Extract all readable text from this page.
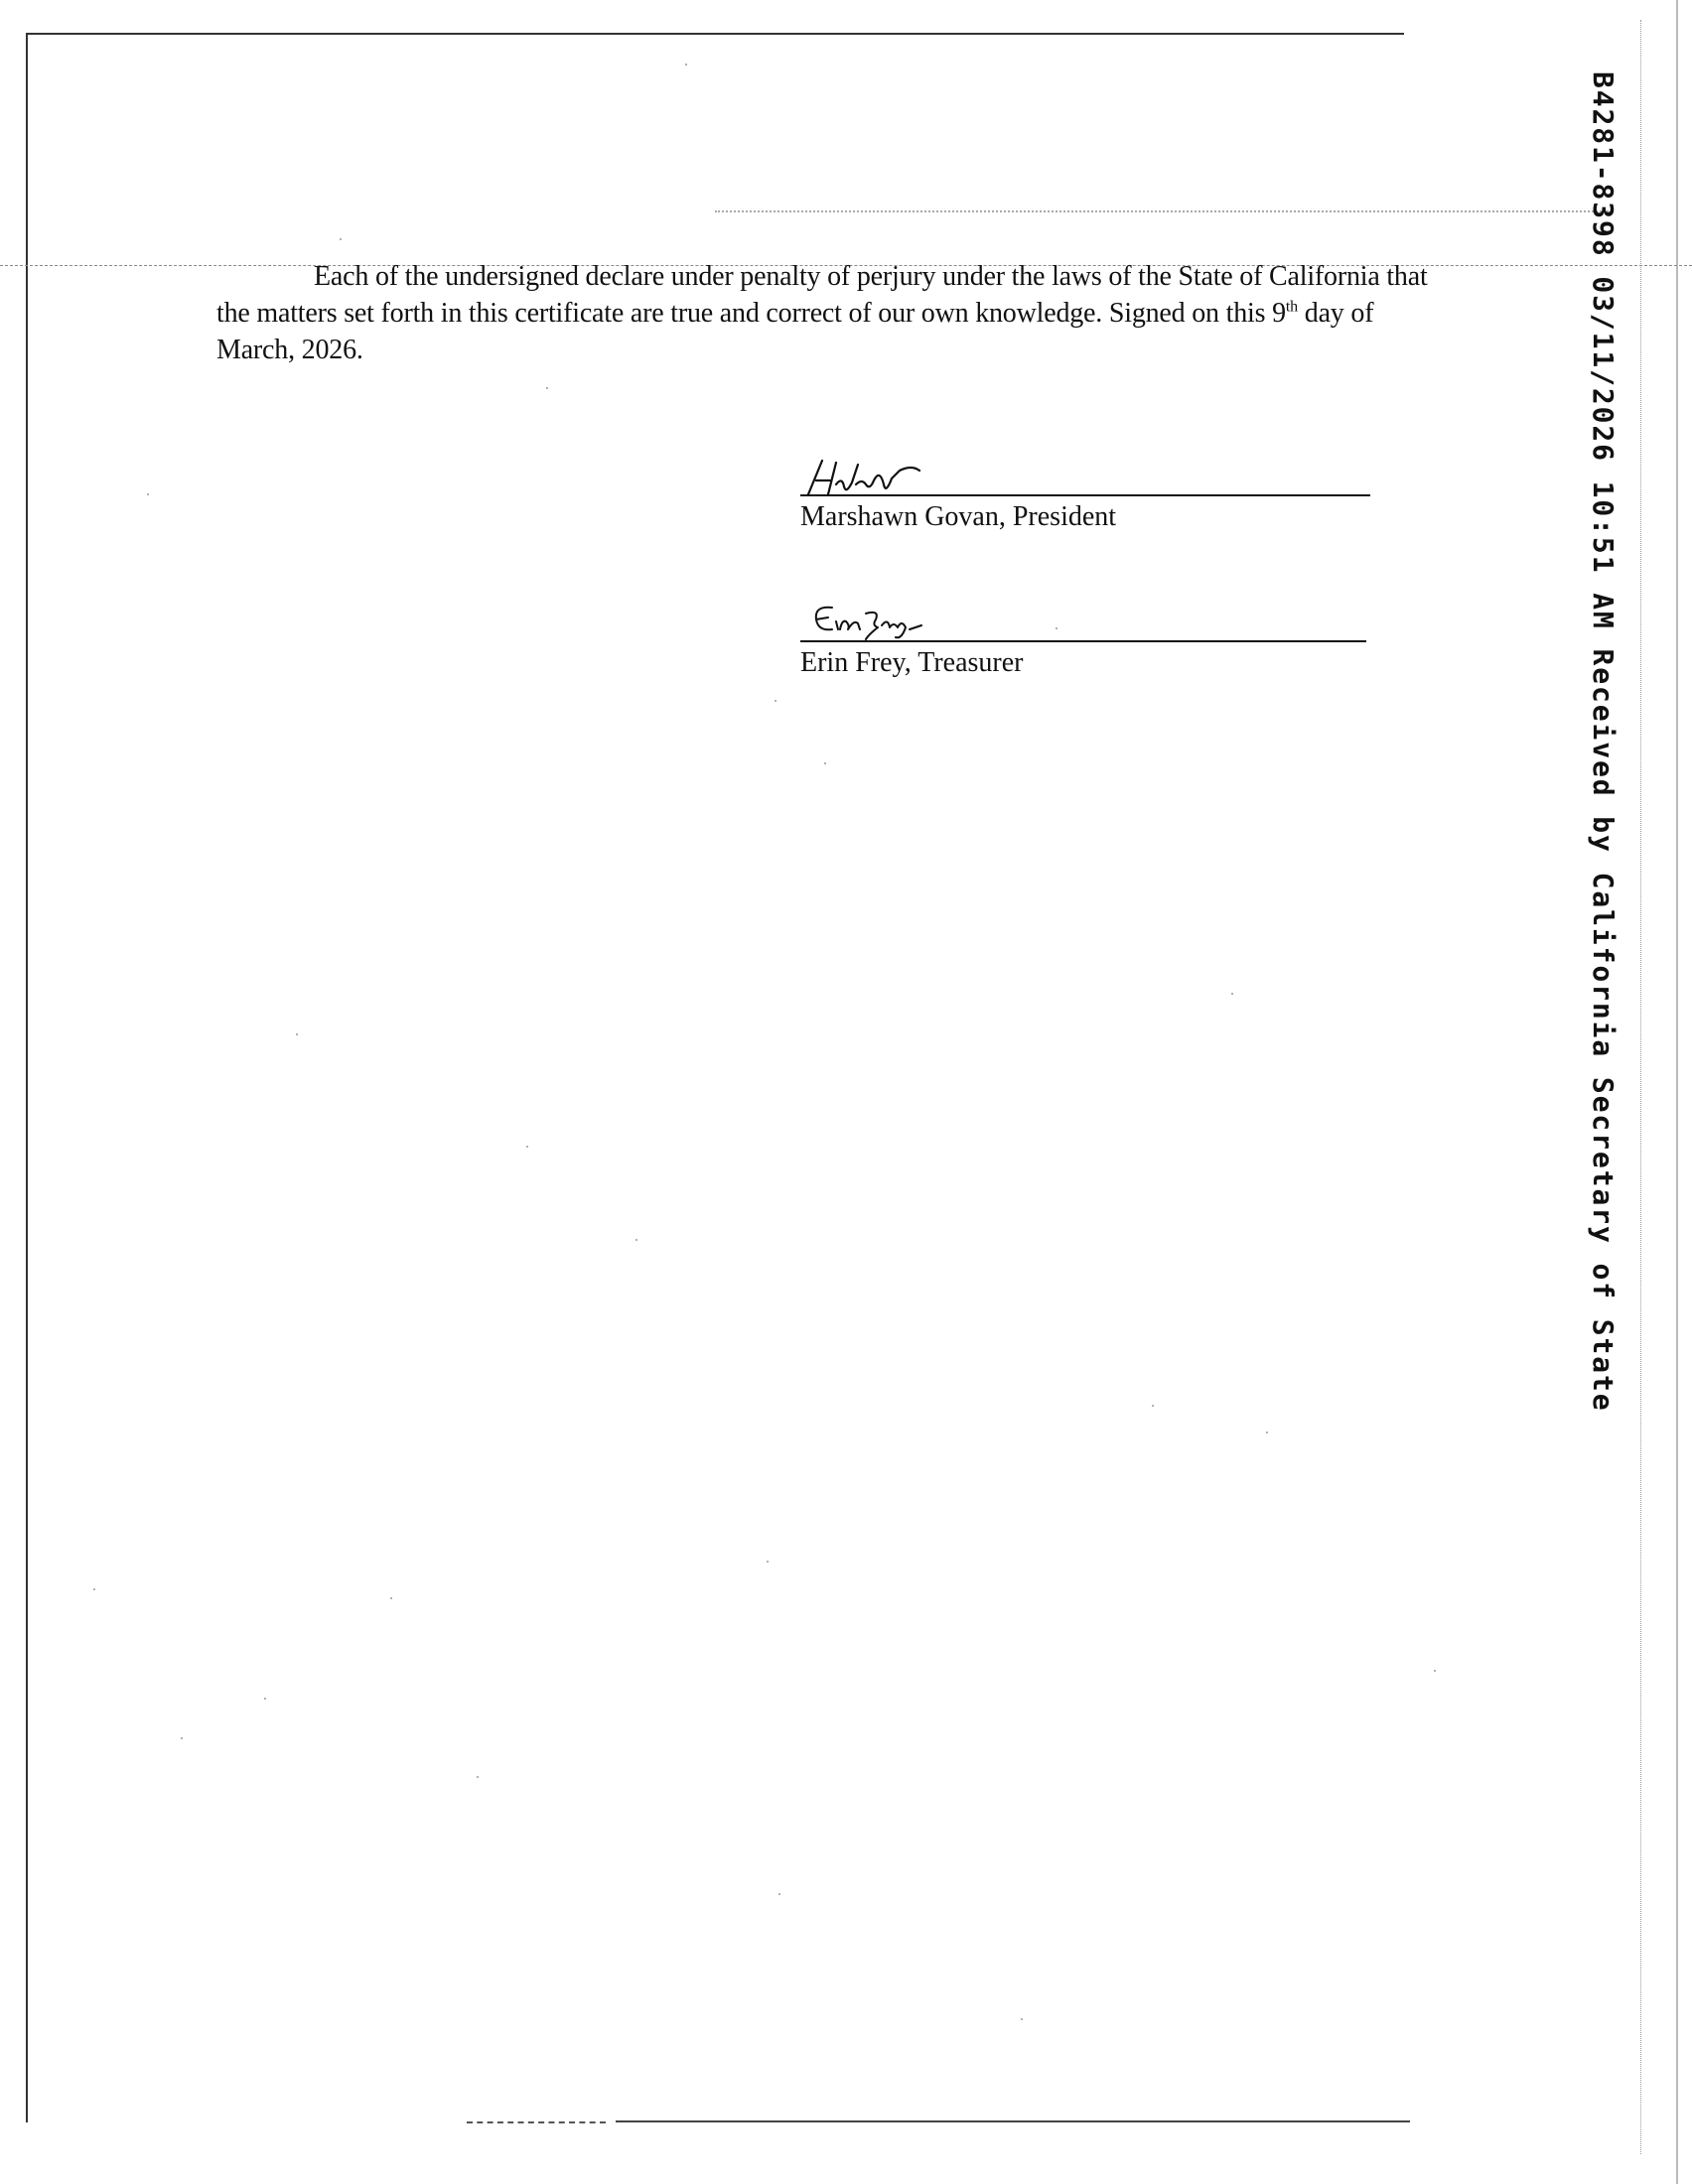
Each of the undersigned declare under penalty of perjury under the laws of the State of California that the matters set forth in this certificate are true and correct of our own knowledge. Signed on this 9th day of March, 2026.

Marshawn Govan, President
Erin Frey, Treasurer	B4281-8398 03/11/2026 10:51 AM Received by California Secretary of State
